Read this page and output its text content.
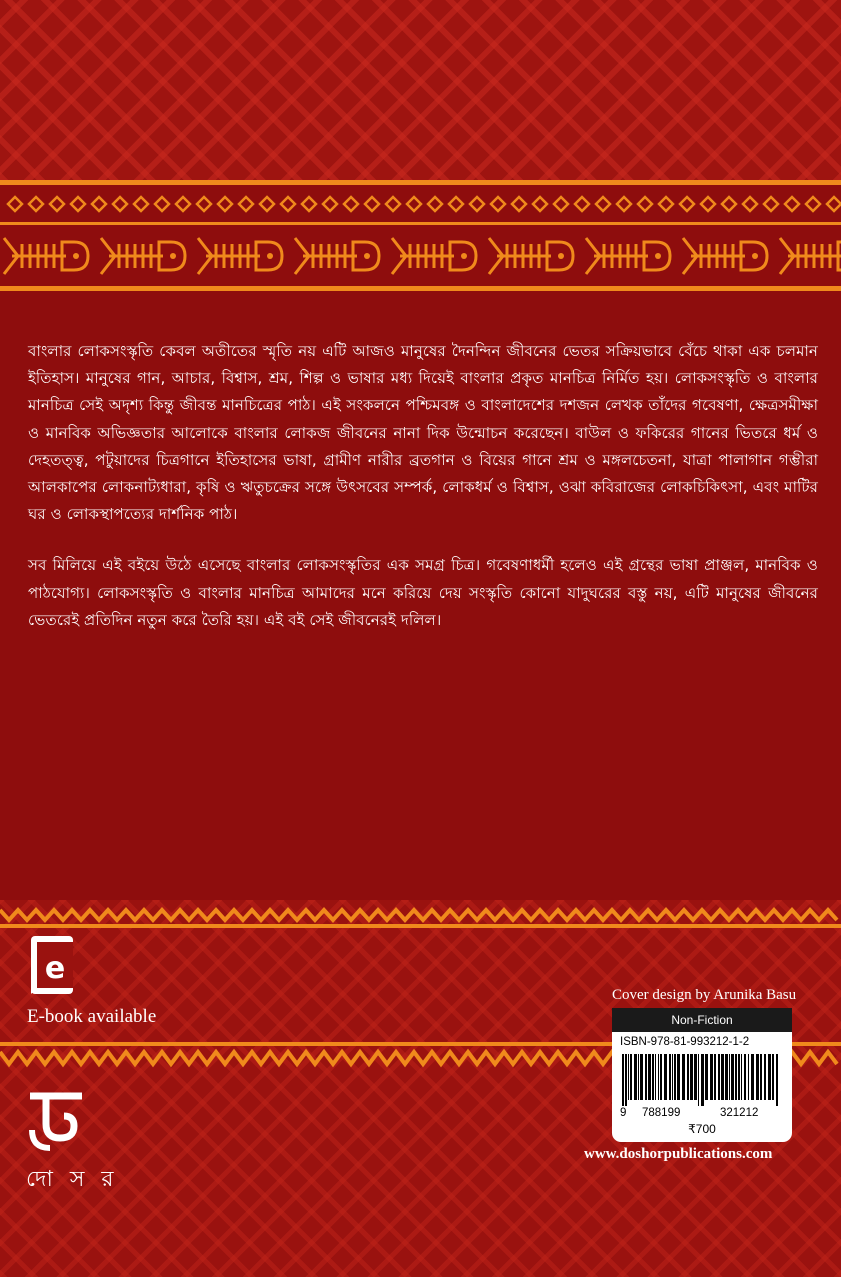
বাংলার লোকসংস্কৃতি কেবল অতীতের স্মৃতি নয় এটি আজও মানুষের দৈনন্দিন জীবনের ভেতর সক্রিয়ভাবে বেঁচে থাকা এক চলমান ইতিহাস। মানুষের গান, আচার, বিশ্বাস, শ্রম, শিল্প ও ভাষার মধ্য দিয়েই বাংলার প্রকৃত মানচিত্র নির্মিত হয়। লোকসংস্কৃতি ও বাংলার মানচিত্র সেই অদৃশ্য কিন্তু জীবন্ত মানচিত্রের পাঠ। এই সংকলনে পশ্চিমবঙ্গ ও বাংলাদেশের দশজন লেখক তাঁদের গবেষণা, ক্ষেত্রসমীক্ষা ও মানবিক অভিজ্ঞতার আলোকে বাংলার লোকজ জীবনের নানা দিক উন্মোচন করেছেন। বাউল ও ফকিরের গানের ভিতরে ধর্ম ও দেহতত্ত্ব, পটুয়াদের চিত্রগানে ইতিহাসের ভাষা, গ্রামীণ নারীর ব্রতগান ও বিয়ের গানে শ্রম ও মঙ্গলচেতনা, যাত্রা পালাগান গম্ভীরা আলকাপের লোকনাট্যধারা, কৃষি ও ঋতুচক্রের সঙ্গে উৎসবের সম্পর্ক, লোকধর্ম ও বিশ্বাস, ওঝা কবিরাজের লোকচিকিৎসা, এবং মাটির ঘর ও লোকস্থাপত্যের দার্শনিক পাঠ।

সব মিলিয়ে এই বইয়ে উঠে এসেছে বাংলার লোকসংস্কৃতির এক সমগ্র চিত্র। গবেষণাধর্মী হলেও এই গ্রন্থের ভাষা প্রাঞ্জল, মানবিক ও পাঠযোগ্য। লোকসংস্কৃতি ও বাংলার মানচিত্র আমাদের মনে করিয়ে দেয় সংস্কৃতি কোনো যাদুঘরের বস্তু নয়, এটি মানুষের জীবনের ভেতরেই প্রতিদিন নতুন করে তৈরি হয়। এই বই সেই জীবনেরই দলিল।

e
E-book available
দো স র
Cover design by Arunika Basu
Non-Fiction
ISBN-978-81-993212-1-2
9 788199	321212
₹700
www.doshorpublications.com
